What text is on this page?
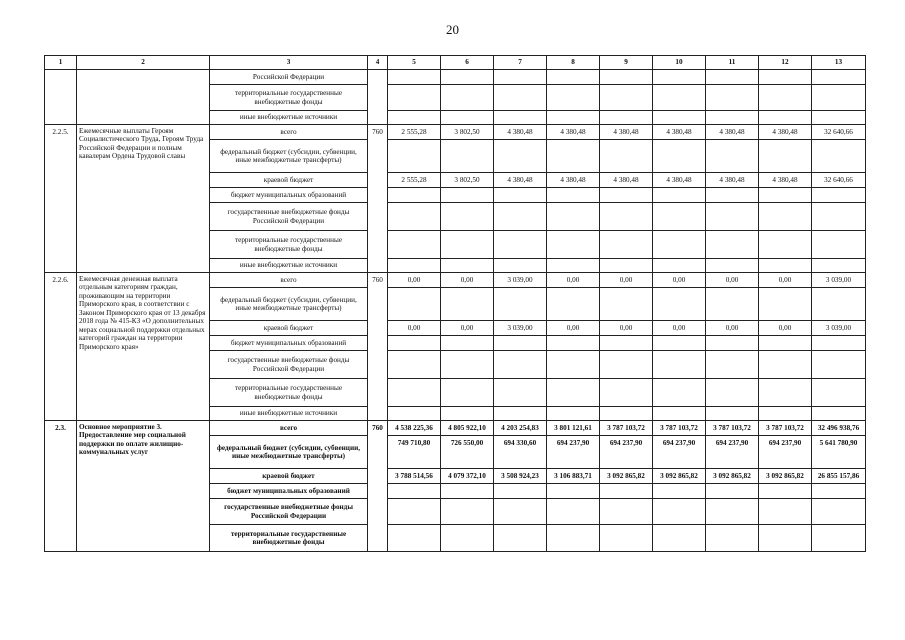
20
1	2	3	4	5	6	7	8	9	10	11	12	13
		Российской Федерации										
		территориальные государственные внебюджетные фонды										
		иные внебюджетные источники										
2.2.5.	Ежемесячные выплаты Героям Социалистического Труда, Героям Труда Российской Федерации и полным кавалерам Ордена Трудовой славы	всего	760	2 555,28	3 802,50	4 380,48	4 380,48	4 380,48	4 380,48	4 380,48	4 380,48	32 640,66
		федеральный бюджет (субсидии, субвенции, иные межбюджетные трансферты)										
		краевой бюджет		2 555,28	3 802,50	4 380,48	4 380,48	4 380,48	4 380,48	4 380,48	4 380,48	32 640,66
		бюджет муниципальных образований										
		государственные внебюджетные фонды Российской Федерации										
		территориальные государственные внебюджетные фонды										
		иные внебюджетные источники										
2.2.6.	Ежемесячная денежная выплата отдельным категориям граждан, проживающим на территории Приморского края, в соответствии с Законом Приморского края от 13 декабря 2018 года № 415-КЗ «О дополнительных мерах социальной поддержки отдельных категорий граждан на территории Приморского края»	всего	760	0,00	0,00	3 039,00	0,00	0,00	0,00	0,00	0,00	3 039,00
		федеральный бюджет (субсидии, субвенции, иные межбюджетные трансферты)										
		краевой бюджет		0,00	0,00	3 039,00	0,00	0,00	0,00	0,00	0,00	3 039,00
		бюджет муниципальных образований										
		государственные внебюджетные фонды Российской Федерации										
		территориальные государственные внебюджетные фонды										
		иные внебюджетные источники										
2.3.	Основное мероприятие 3. Предоставление мер социальной поддержки по оплате жилищно-коммунальных услуг	всего	760	4 538 225,36	4 805 922,10	4 203 254,83	3 801 121,61	3 787 103,72	3 787 103,72	3 787 103,72	3 787 103,72	32 496 938,76
		федеральный бюджет (субсидии, субвенции, иные межбюджетные трансферты)		749 710,80	726 550,00	694 330,60	694 237,90	694 237,90	694 237,90	694 237,90	694 237,90	5 641 780,90
		краевой бюджет		3 788 514,56	4 079 372,10	3 508 924,23	3 106 883,71	3 092 865,82	3 092 865,82	3 092 865,82	3 092 865,82	26 855 157,86
		бюджет муниципальных образований										
		государственные внебюджетные фонды Российской Федерации										
		территориальные государственные внебюджетные фонды										
